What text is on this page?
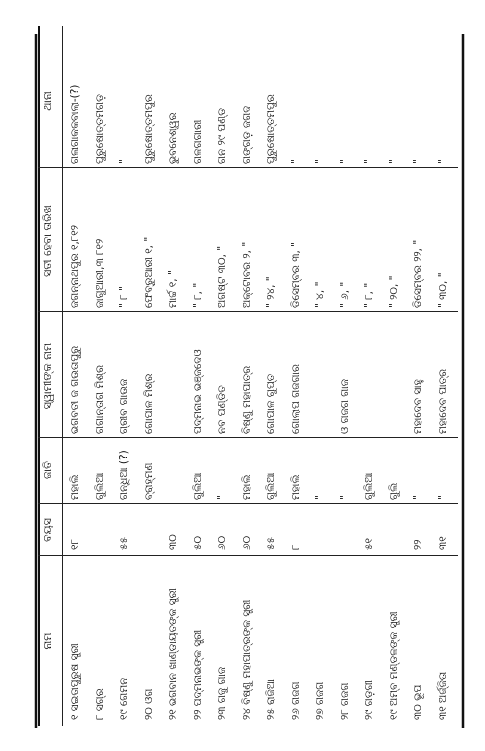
ନାମ
ବୟସ
ଜାତି
ସ୍ୱାମୀଙ୍କ ନାମ
ସତୀ ହେବା ତାରିଖ
ଥାନା
୧ ସଇତାପୁରୁଷ ସ୍ତ୍ରୀ
୧୮
ମହାଲି
ଭଗବତୀ ଜ ଗଉତାପୁରୁ
ଜଗନ୍ନାଥପୁର ୧,୮୧୨
ଗଳାଗାକକବାଲା-(?)
୮ ସଗ୍ର
ଗୁଲିଆ
ଗଗାନ୍ତାଗ ମିଶ୍ର
ଜାଗୁଆରୀ,୩ ୮୧୨
ପୁରୁଷୋତ୍ତମଗଡ଼
୧୯ ଗେମନ
୫୫
ଗନ୍ଧିଆ (?)
ଗ୍ରୀବ ଗାଉଜ
" ୮ "
"
୨୦ ଓଗ
ବ୍ରାହ୍ମଣ
ଗୋପାଳ ମିଶ୍ର
ଫେବ୍ରୁଆରୀ ୧, "
ପୁରୁଷୋତ୍ତମପୁର
୨୧ ଭଗବାନ ଖାଣ୍ଡାୟତଙ୍କ ସ୍ତ୍ରୀ
୩୦
ମାର୍ଚ୍ଚ ୧, "
ଭୁବନେଶ୍ୱର
୨୨ ପଦ୍ମନାଭଙ୍କ ସ୍ତ୍ରୀ
୫୦
ଗୁଲିଆ
ପଦ୍ମନାଭ ଭଞ୍ଜଦେଓ
" ୮, "
ଗଳଗଗାରୀ
୨୩ ଗଜୁ ଗାଜ
୬୦
"
ନବ ପଣ୍ଡିତ
ଅଗଷ୍ଟ ୩୦, "
ଗନ ୨୯ ପଣ୍ଡ
୨୪ ବିଷ୍ଣୁ ମହାପାତ୍ରଙ୍କ ସ୍ତ୍ରୀ
୬୦
ମହାଲି
ବିଷ୍ଣୁ ମହାପାତ୍ର
ଅକ୍ଟୋବର ୨, "
ଗଙ୍ଗଡ଼ ଜଗଦ
୨୫ ରାଜିଆ
୫୫
ଗୁଲିଆ
ଗୋପାଳ ଗୁପ୍ତ
" ୨୪, "
ପୁରୁଷୋତ୍ତମପୁର
୨୬ ଗଜଗ
୮
ମହାଲି
ଗୋଲାପ ଗଜଗାର
ଡିସେମ୍ବର ୩, "
"
୨୭ ଗଜଗ
"
" ୪, "
"
୨୮ ଗଜଗ
"
ଓ ଗଜଗ ଗାଜ
" ୬, "
"
୨୯ ଗଡ଼ଗୀ
୫୧
ଗୁଲିଆ
" ୮, "
"
୧୯ ଅମ୍ବ ମଣ୍ଡଳଙ୍କ ସ୍ତ୍ରୀ
ଗୁଲି
" ୨୦, "
"
୩୦ ଭୂପ
୨୨
"
ମହାଦେବ ସାହୁ
ଡିସେମ୍ବର ୨୨, "
"
୩୧ ଅର୍ଜ୍ଜିତା
୩୧
"
ମହାଦେବ ପାତ୍ର
" ୩୦, "
"
